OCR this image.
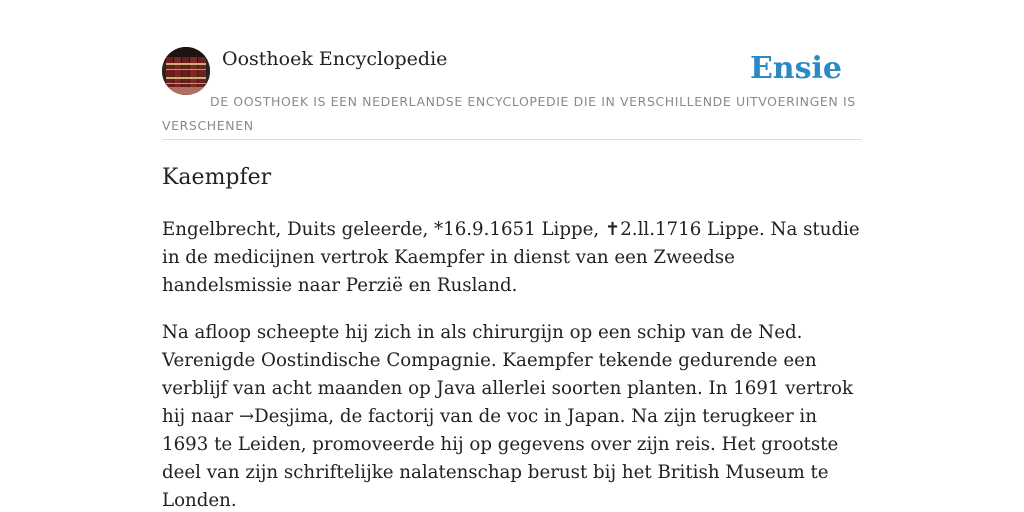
Oosthoek Encyclopedie	Ensie
DE OOSTHOEK IS EEN NEDERLANDSE ENCYCLOPEDIE DIE IN VERSCHILLENDE UITVOERINGEN IS VERSCHENEN
Kaempfer

Engelbrecht, Duits geleerde, *16.9.1651 Lippe, ✝2.ll.1716 Lippe. Na studie in de medicijnen vertrok Kaempfer in dienst van een Zweedse handelsmissie naar Perzië en Rusland.

Na afloop scheepte hij zich in als chirurgijn op een schip van de Ned. Verenigde Oostindische Compagnie. Kaempfer tekende gedurende een verblijf van acht maanden op Java allerlei soorten planten. In 1691 vertrok hij naar →Desjima, de factorij van de voc in Japan. Na zijn terugkeer in 1693 te Leiden, promoveerde hij op gegevens over zijn reis. Het grootste deel van zijn schriftelijke nalatenschap berust bij het British Museum te Londen.
